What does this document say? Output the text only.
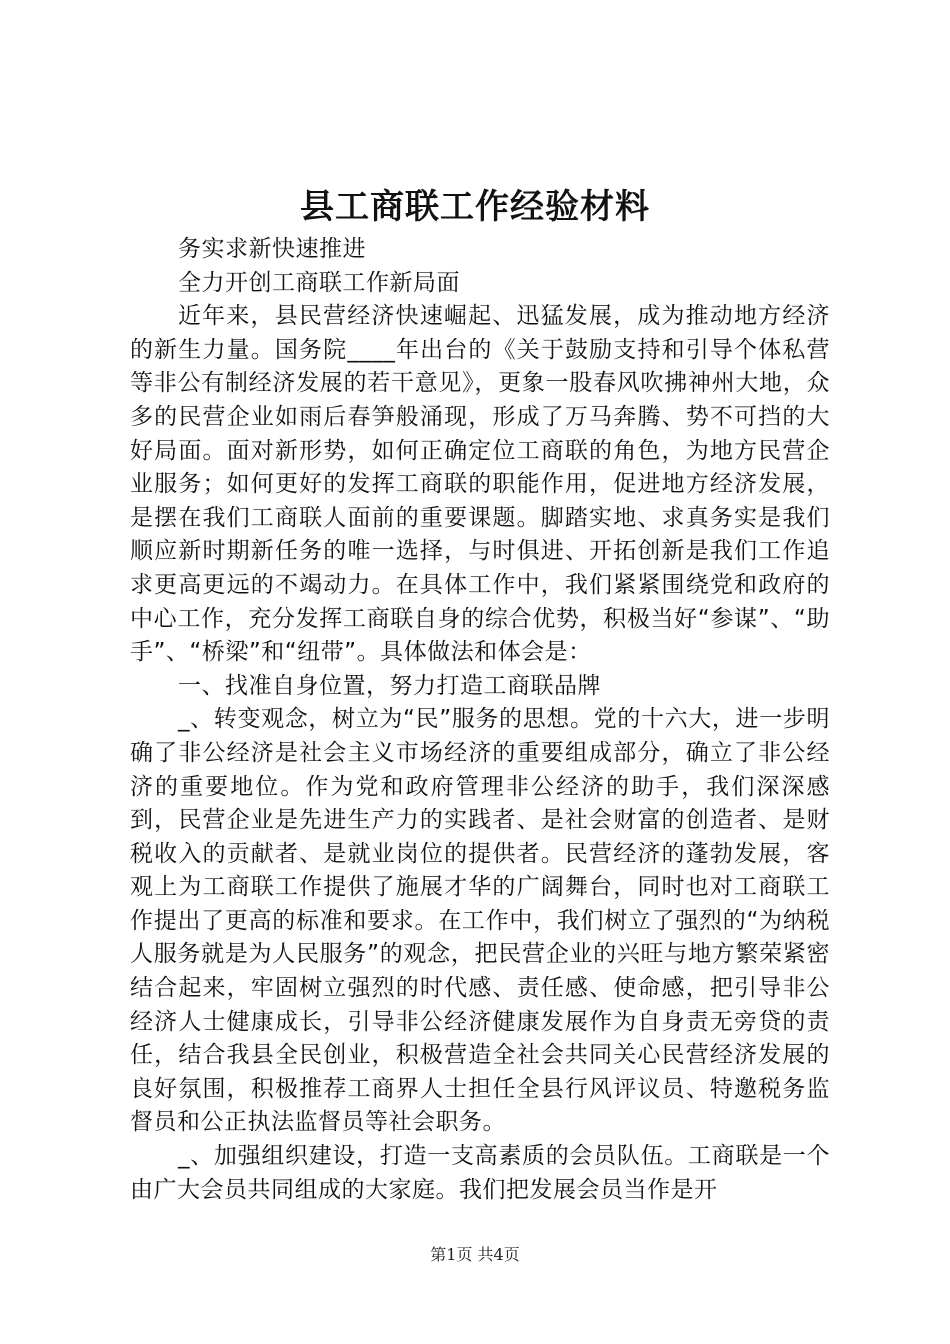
县工商联工作经验材料

务实求新快速推进

全力开创工商联工作新局面

近年来，县民营经济快速崛起、迅猛发展，成为推动地方经济的新生力量。国务院____年出台的《关于鼓励支持和引导个体私营等非公有制经济发展的若干意见》，更象一股春风吹拂神州大地，众多的民营企业如雨后春笋般涌现，形成了万马奔腾、势不可挡的大好局面。面对新形势，如何正确定位工商联的角色，为地方民营企业服务；如何更好的发挥工商联的职能作用，促进地方经济发展，是摆在我们工商联人面前的重要课题。脚踏实地、求真务实是我们顺应新时期新任务的唯一选择，与时俱进、开拓创新是我们工作追求更高更远的不竭动力。在具体工作中，我们紧紧围绕党和政府的中心工作，充分发挥工商联自身的综合优势，积极当好“参谋”、“助手”、“桥梁”和“纽带”。具体做法和体会是：

一、找准自身位置，努力打造工商联品牌

_、转变观念，树立为“民”服务的思想。党的十六大，进一步明确了非公经济是社会主义市场经济的重要组成部分，确立了非公经济的重要地位。作为党和政府管理非公经济的助手，我们深深感到，民营企业是先进生产力的实践者、是社会财富的创造者、是财税收入的贡献者、是就业岗位的提供者。民营经济的蓬勃发展，客观上为工商联工作提供了施展才华的广阔舞台，同时也对工商联工作提出了更高的标准和要求。在工作中，我们树立了强烈的“为纳税人服务就是为人民服务”的观念，把民营企业的兴旺与地方繁荣紧密结合起来，牢固树立强烈的时代感、责任感、使命感，把引导非公经济人士健康成长，引导非公经济健康发展作为自身责无旁贷的责任，结合我县全民创业，积极营造全社会共同关心民营经济发展的良好氛围，积极推荐工商界人士担任全县行风评议员、特邀税务监督员和公正执法监督员等社会职务。

_、加强组织建设，打造一支高素质的会员队伍。工商联是一个由广大会员共同组成的大家庭。我们把发展会员当作是开

第1页 共4页
